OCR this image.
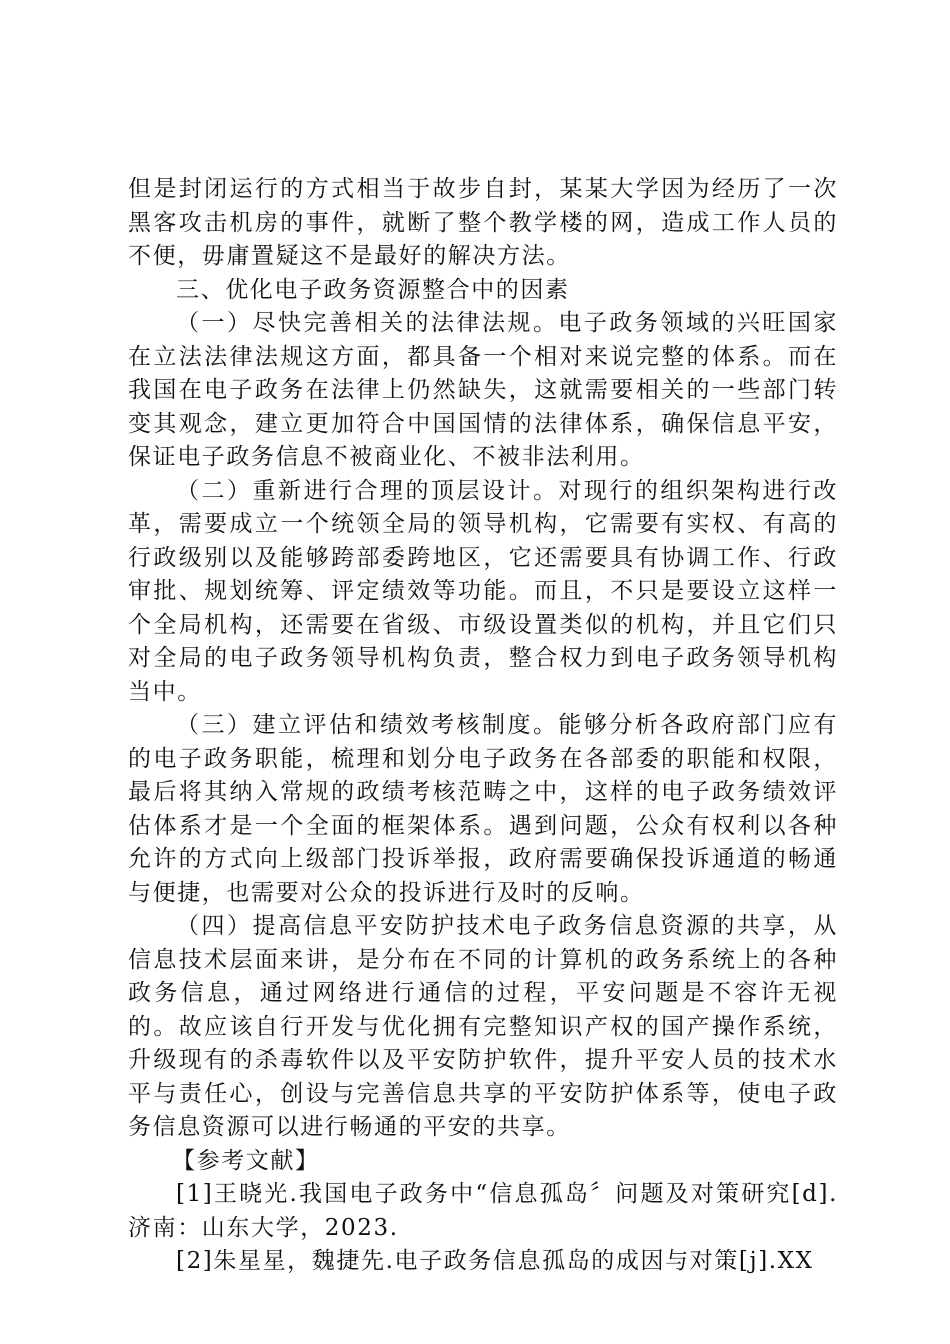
但是封闭运行的方式相当于故步自封，某某大学因为经历了一次黑客攻击机房的事件，就断了整个教学楼的网，造成工作人员的不便，毋庸置疑这不是最好的解决方法。

三、优化电子政务资源整合中的因素

（一）尽快完善相关的法律法规。电子政务领域的兴旺国家在立法法律法规这方面，都具备一个相对来说完整的体系。而在我国在电子政务在法律上仍然缺失，这就需要相关的一些部门转变其观念，建立更加符合中国国情的法律体系，确保信息平安，保证电子政务信息不被商业化、不被非法利用。

（二）重新进行合理的顶层设计。对现行的组织架构进行改革，需要成立一个统领全局的领导机构，它需要有实权、有高的行政级别以及能够跨部委跨地区，它还需要具有协调工作、行政审批、规划统筹、评定绩效等功能。而且，不只是要设立这样一个全局机构，还需要在省级、市级设置类似的机构，并且它们只对全局的电子政务领导机构负责，整合权力到电子政务领导机构当中。

（三）建立评估和绩效考核制度。能够分析各政府部门应有的电子政务职能，梳理和划分电子政务在各部委的职能和权限，最后将其纳入常规的政绩考核范畴之中，这样的电子政务绩效评估体系才是一个全面的框架体系。遇到问题，公众有权利以各种允许的方式向上级部门投诉举报，政府需要确保投诉通道的畅通与便捷，也需要对公众的投诉进行及时的反响。

（四）提高信息平安防护技术电子政务信息资源的共享，从信息技术层面来讲，是分布在不同的计算机的政务系统上的各种政务信息，通过网络进行通信的过程，平安问题是不容许无视的。故应该自行开发与优化拥有完整知识产权的国产操作系统，升级现有的杀毒软件以及平安防护软件，提升平安人员的技术水平与责任心，创设与完善信息共享的平安防护体系等，使电子政务信息资源可以进行畅通的平安的共享。

【参考文献】

[1]王晓光.我国电子政务中“信息孤岛〞问题及对策研究[d].济南：山东大学，2023.

[2]朱星星，魏捷先.电子政务信息孤岛的成因与对策[j].XX
